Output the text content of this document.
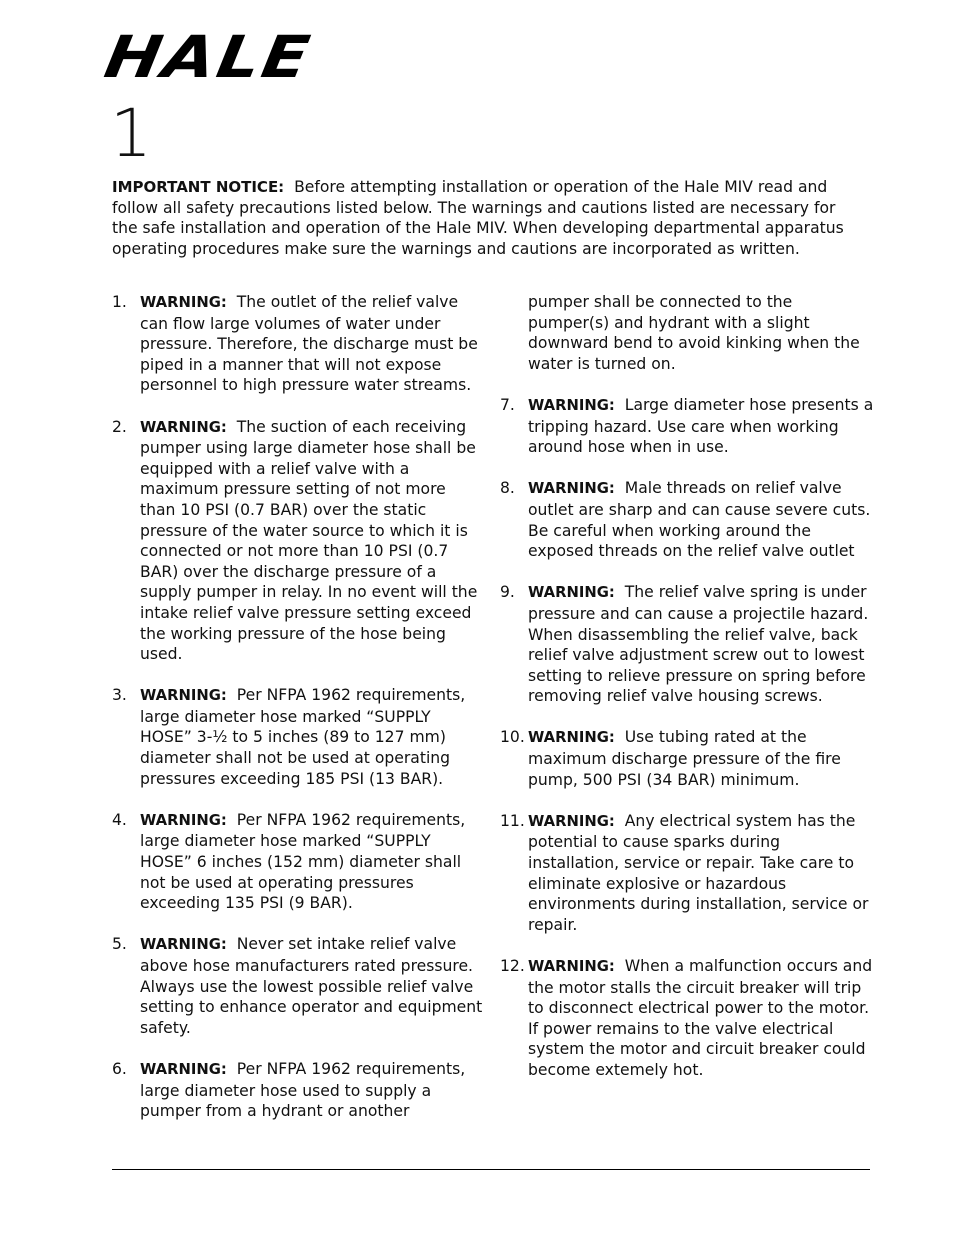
HALE
1
IMPORTANT NOTICE: Before attempting installation or operation of the Hale MIV read and follow all safety precautions listed below. The warnings and cautions listed are necessary for the safe installation and operation of the Hale MIV. When developing departmental apparatus operating procedures make sure the warnings and cautions are incorporated as written.
1. WARNING: The outlet of the relief valve can flow large volumes of water under pressure. Therefore, the discharge must be piped in a manner that will not expose personnel to high pressure water streams.
2. WARNING: The suction of each receiving pumper using large diameter hose shall be equipped with a relief valve with a maximum pressure setting of not more than 10 PSI (0.7 BAR) over the static pressure of the water source to which it is connected or not more than 10 PSI (0.7 BAR) over the discharge pressure of a supply pumper in relay. In no event will the intake relief valve pressure setting exceed the working pressure of the hose being used.
3. WARNING: Per NFPA 1962 requirements, large diameter hose marked “SUPPLY HOSE” 3-½ to 5 inches (89 to 127 mm) diameter shall not be used at operating pressures exceeding 185 PSI (13 BAR).
4. WARNING: Per NFPA 1962 requirements, large diameter hose marked “SUPPLY HOSE” 6 inches (152 mm) diameter shall not be used at operating pressures exceeding 135 PSI (9 BAR).
5. WARNING: Never set intake relief valve above hose manufacturers rated pressure. Always use the lowest possible relief valve setting to enhance operator and equipment safety.
6. WARNING: Per NFPA 1962 requirements, large diameter hose used to supply a pumper from a hydrant or another
pumper shall be connected to the pumper(s) and hydrant with a slight downward bend to avoid kinking when the water is turned on.
7. WARNING: Large diameter hose presents a tripping hazard. Use care when working around hose when in use.
8. WARNING: Male threads on relief valve outlet are sharp and can cause severe cuts. Be careful when working around the exposed threads on the relief valve outlet
9. WARNING: The relief valve spring is under pressure and can cause a projectile hazard. When disassembling the relief valve, back relief valve adjustment screw out to lowest setting to relieve pressure on spring before removing relief valve housing screws.
10. WARNING: Use tubing rated at the maximum discharge pressure of the fire pump, 500 PSI (34 BAR) minimum.
11. WARNING: Any electrical system has the potential to cause sparks during installation, service or repair. Take care to eliminate explosive or hazardous environments during installation, service or repair.
12. WARNING: When a malfunction occurs and the motor stalls the circuit breaker will trip to disconnect electrical power to the motor. If power remains to the valve electrical system the motor and circuit breaker could become extemely hot.
